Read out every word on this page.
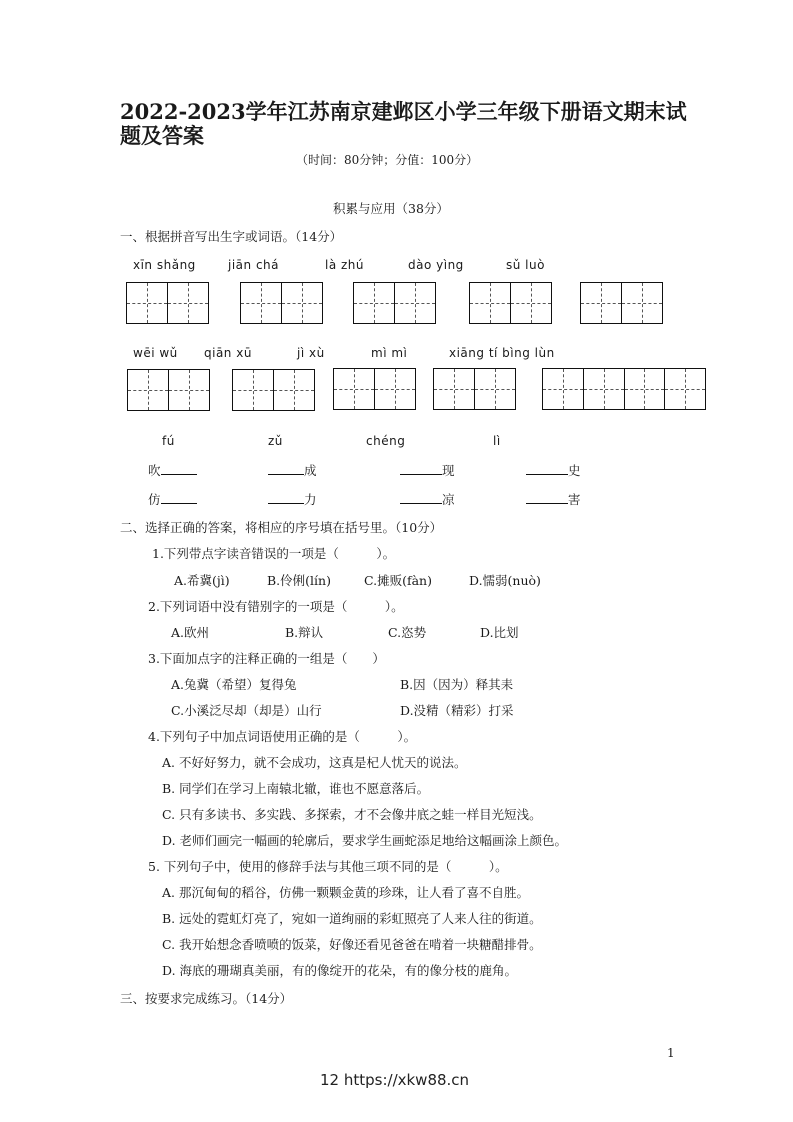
2022-2023学年江苏南京建邺区小学三年级下册语文期末试
题及答案
（时间：80分钟；分值：100分）
积累与应用（38分）
一、根据拼音写出生字或词语。（14分）
xīn shǎng	jiān chá	là zhú	dào yìng	sǔ luò
wēi wǔ qiān xū	jì xù	mì mì	xiāng tí bìng lùn
fú	zǔ	chéng	lì
吹	成	现	史
仿	力	凉	害
二、选择正确的答案，将相应的序号填在括号里。（10分）
1.下列带点字读音错误的一项是（　　　）。
A.希冀(jì)	B.伶俐(lín)	C.摊贩(fàn)	D.懦弱(nuò)
2.下列词语中没有错别字的一项是（　　　）。
A.欧州	B.辩认	C.恣势	D.比划
3.下面加点字的注释正确的一组是（　　）
A.兔冀（希望）复得兔	B.因（因为）释其耒
C.小溪泛尽却（却是）山行	D.没精（精彩）打采
4.下列句子中加点词语使用正确的是（　　　）。
A. 不好好努力，就不会成功，这真是杞人忧天的说法。
B. 同学们在学习上南辕北辙，谁也不愿意落后。
C. 只有多读书、多实践、多探索，才不会像井底之蛙一样目光短浅。
D. 老师们画完一幅画的轮廓后，要求学生画蛇添足地给这幅画涂上颜色。
5. 下列句子中，使用的修辞手法与其他三项不同的是（　　　）。
A. 那沉甸甸的稻谷，仿佛一颗颗金黄的珍珠，让人看了喜不自胜。
B. 远处的霓虹灯亮了，宛如一道绚丽的彩虹照亮了人来人往的街道。
C. 我开始想念香喷喷的饭菜，好像还看见爸爸在啃着一块糖醋排骨。
D. 海底的珊瑚真美丽，有的像绽开的花朵，有的像分枝的鹿角。
三、按要求完成练习。（14分）
1
12 https://xkw88.cn
